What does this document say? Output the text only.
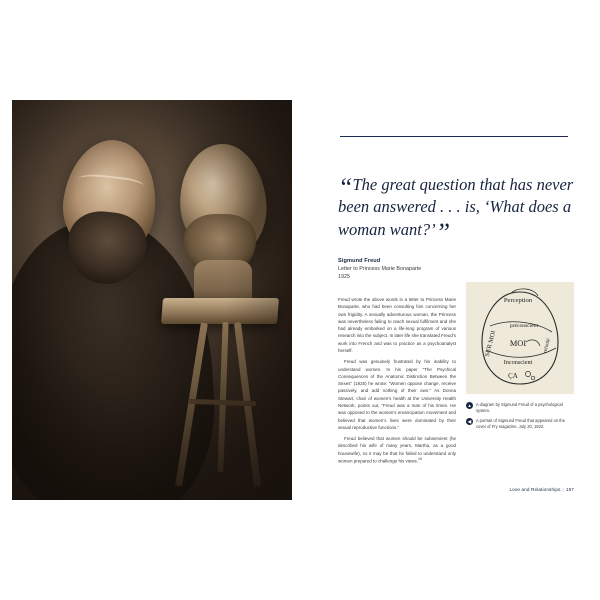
“The great question that has never been answered . . . is, ‘What does a woman want?’”

Sigmund Freud

Letter to Princess Marie Bonaparte

1925

Freud wrote the above words in a letter to Princess Marie Bonaparte, who had been consulting him concerning her own frigidity. A sexually adventurous woman, the Princess was nevertheless failing to reach sexual fulfilment and she had already embarked on a life-long program of various research into the subject. In later life she translated Freud’s work into French and was to practice as a psychoanalyst herself.

Freud was genuinely frustrated by his inability to understand women. In his paper “The Psychical Consequences of the Anatomic Distinction Between the Sexes” (1925) he wrote: “Women oppose change, receive passively, and add nothing of their own.” As Donna Stewart, chair of women’s health at the University Health Network, points out, “Freud was a man of his times. He was opposed to the women’s emancipation movement and believed that women’s lives were dominated by their sexual reproductive functions.”

Freud believed that women should be subservient (he described his wife of many years, Martha, as a good housewife), so it may be that he failed to understand only women prepared to challenge his views.$^{19}$

Perception
préconscient
SUR MOI MOI	refoulé
Inconscient
ÇA
▲	A diagram by Sigmund Freud of a psychological system.
◀	A portrait of Sigmund Freud that appeared on the cover of Fry magazine, July 20, 1922.
Love and Relationships | 157
